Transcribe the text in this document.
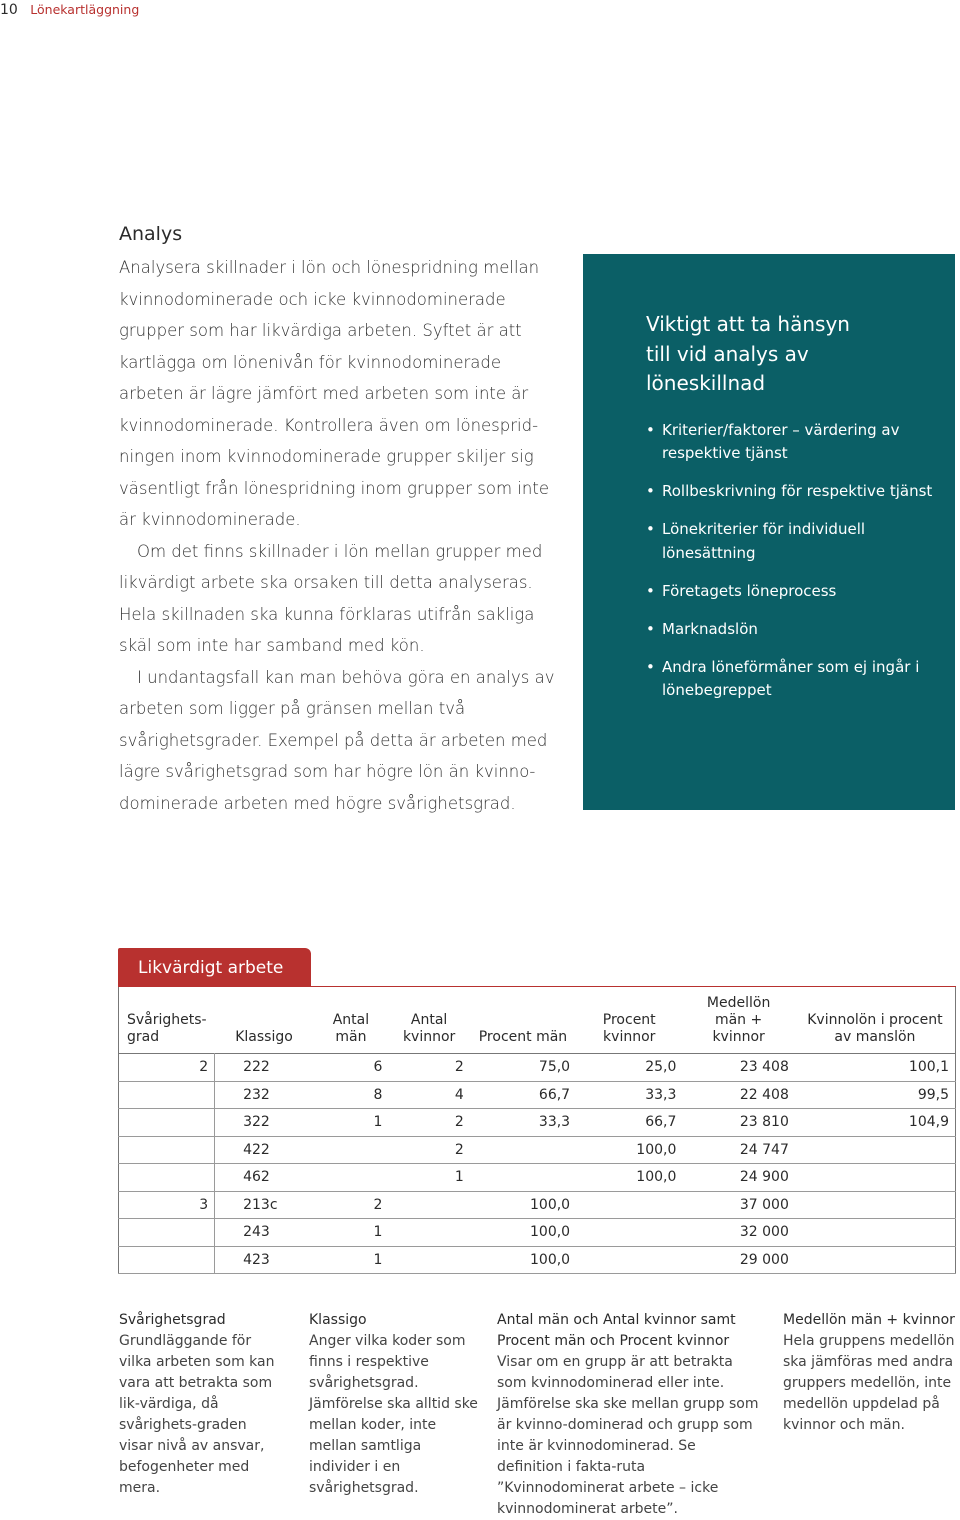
10 Lönekartläggning
Analys

Analysera skillnader i lön och lönespridning mellan kvinnodominerade och icke kvinnodominerade grupper som har likvärdiga arbeten. Syftet är att kartlägga om lönenivån för kvinnodominerade arbeten är lägre jämfört med arbeten som inte är kvinnodominerade. Kontrollera även om lönespridningen inom kvinnodominerade grupper skiljer sig väsentligt från lönespridning inom grupper som inte är kvinnodominerade.

Om det finns skillnader i lön mellan grupper med likvärdigt arbete ska orsaken till detta analyseras. Hela skillnaden ska kunna förklaras utifrån sakliga skäl som inte har samband med kön.

I undantagsfall kan man behöva göra en analys av arbeten som ligger på gränsen mellan två svårighetsgrader. Exempel på detta är arbeten med lägre svårighetsgrad som har högre lön än kvinnodominerade arbeten med högre svårighetsgrad.

Viktigt att ta hänsyn till vid analys av löneskillnad
• Kriterier/faktorer – värdering av respektive tjänst
• Rollbeskrivning för respektive tjänst
• Lönekriterier för individuell lönesättning
• Företagets löneprocess
• Marknadslön
• Andra löneförmåner som ej ingår i lönebegreppet
Likvärdigt arbete
Svårighets-grad	Klassigo	Antal män	Antal kvinnor	Procent män	Procent kvinnor	Medellön män + kvinnor	Kvinnolön i procent av manslön
2	222	6	2	75,0	25,0	23 408	100,1
	232	8	4	66,7	33,3	22 408	99,5
	322	1	2	33,3	66,7	23 810	104,9
	422		2		100,0	24 747	
	462		1		100,0	24 900	
3	213c	2		100,0		37 000	
	243	1		100,0		32 000	
	423	1		100,0		29 000	
Svårighetsgrad
Grundläggande för vilka arbeten som kan vara att betrakta som lik-värdiga, då svårighets-graden visar nivå av ansvar, befogenheter med mera.
Klassigo
Anger vilka koder som finns i respektive svårighetsgrad. Jämförelse ska alltid ske mellan koder, inte mellan samtliga individer i en svårighetsgrad.
Antal män och Antal kvinnor samt Procent män och Procent kvinnor
Visar om en grupp är att betrakta som kvinnodominerad eller inte. Jämförelse ska ske mellan grupp som är kvinno-dominerad och grupp som inte är kvinnodominerad. Se definition i fakta-ruta ”Kvinnodominerat arbete – icke kvinnodominerat arbete”.
Medellön män + kvinnor
Hela gruppens medellön ska jämföras med andra gruppers medellön, inte medellön uppdelad på kvinnor och män.
